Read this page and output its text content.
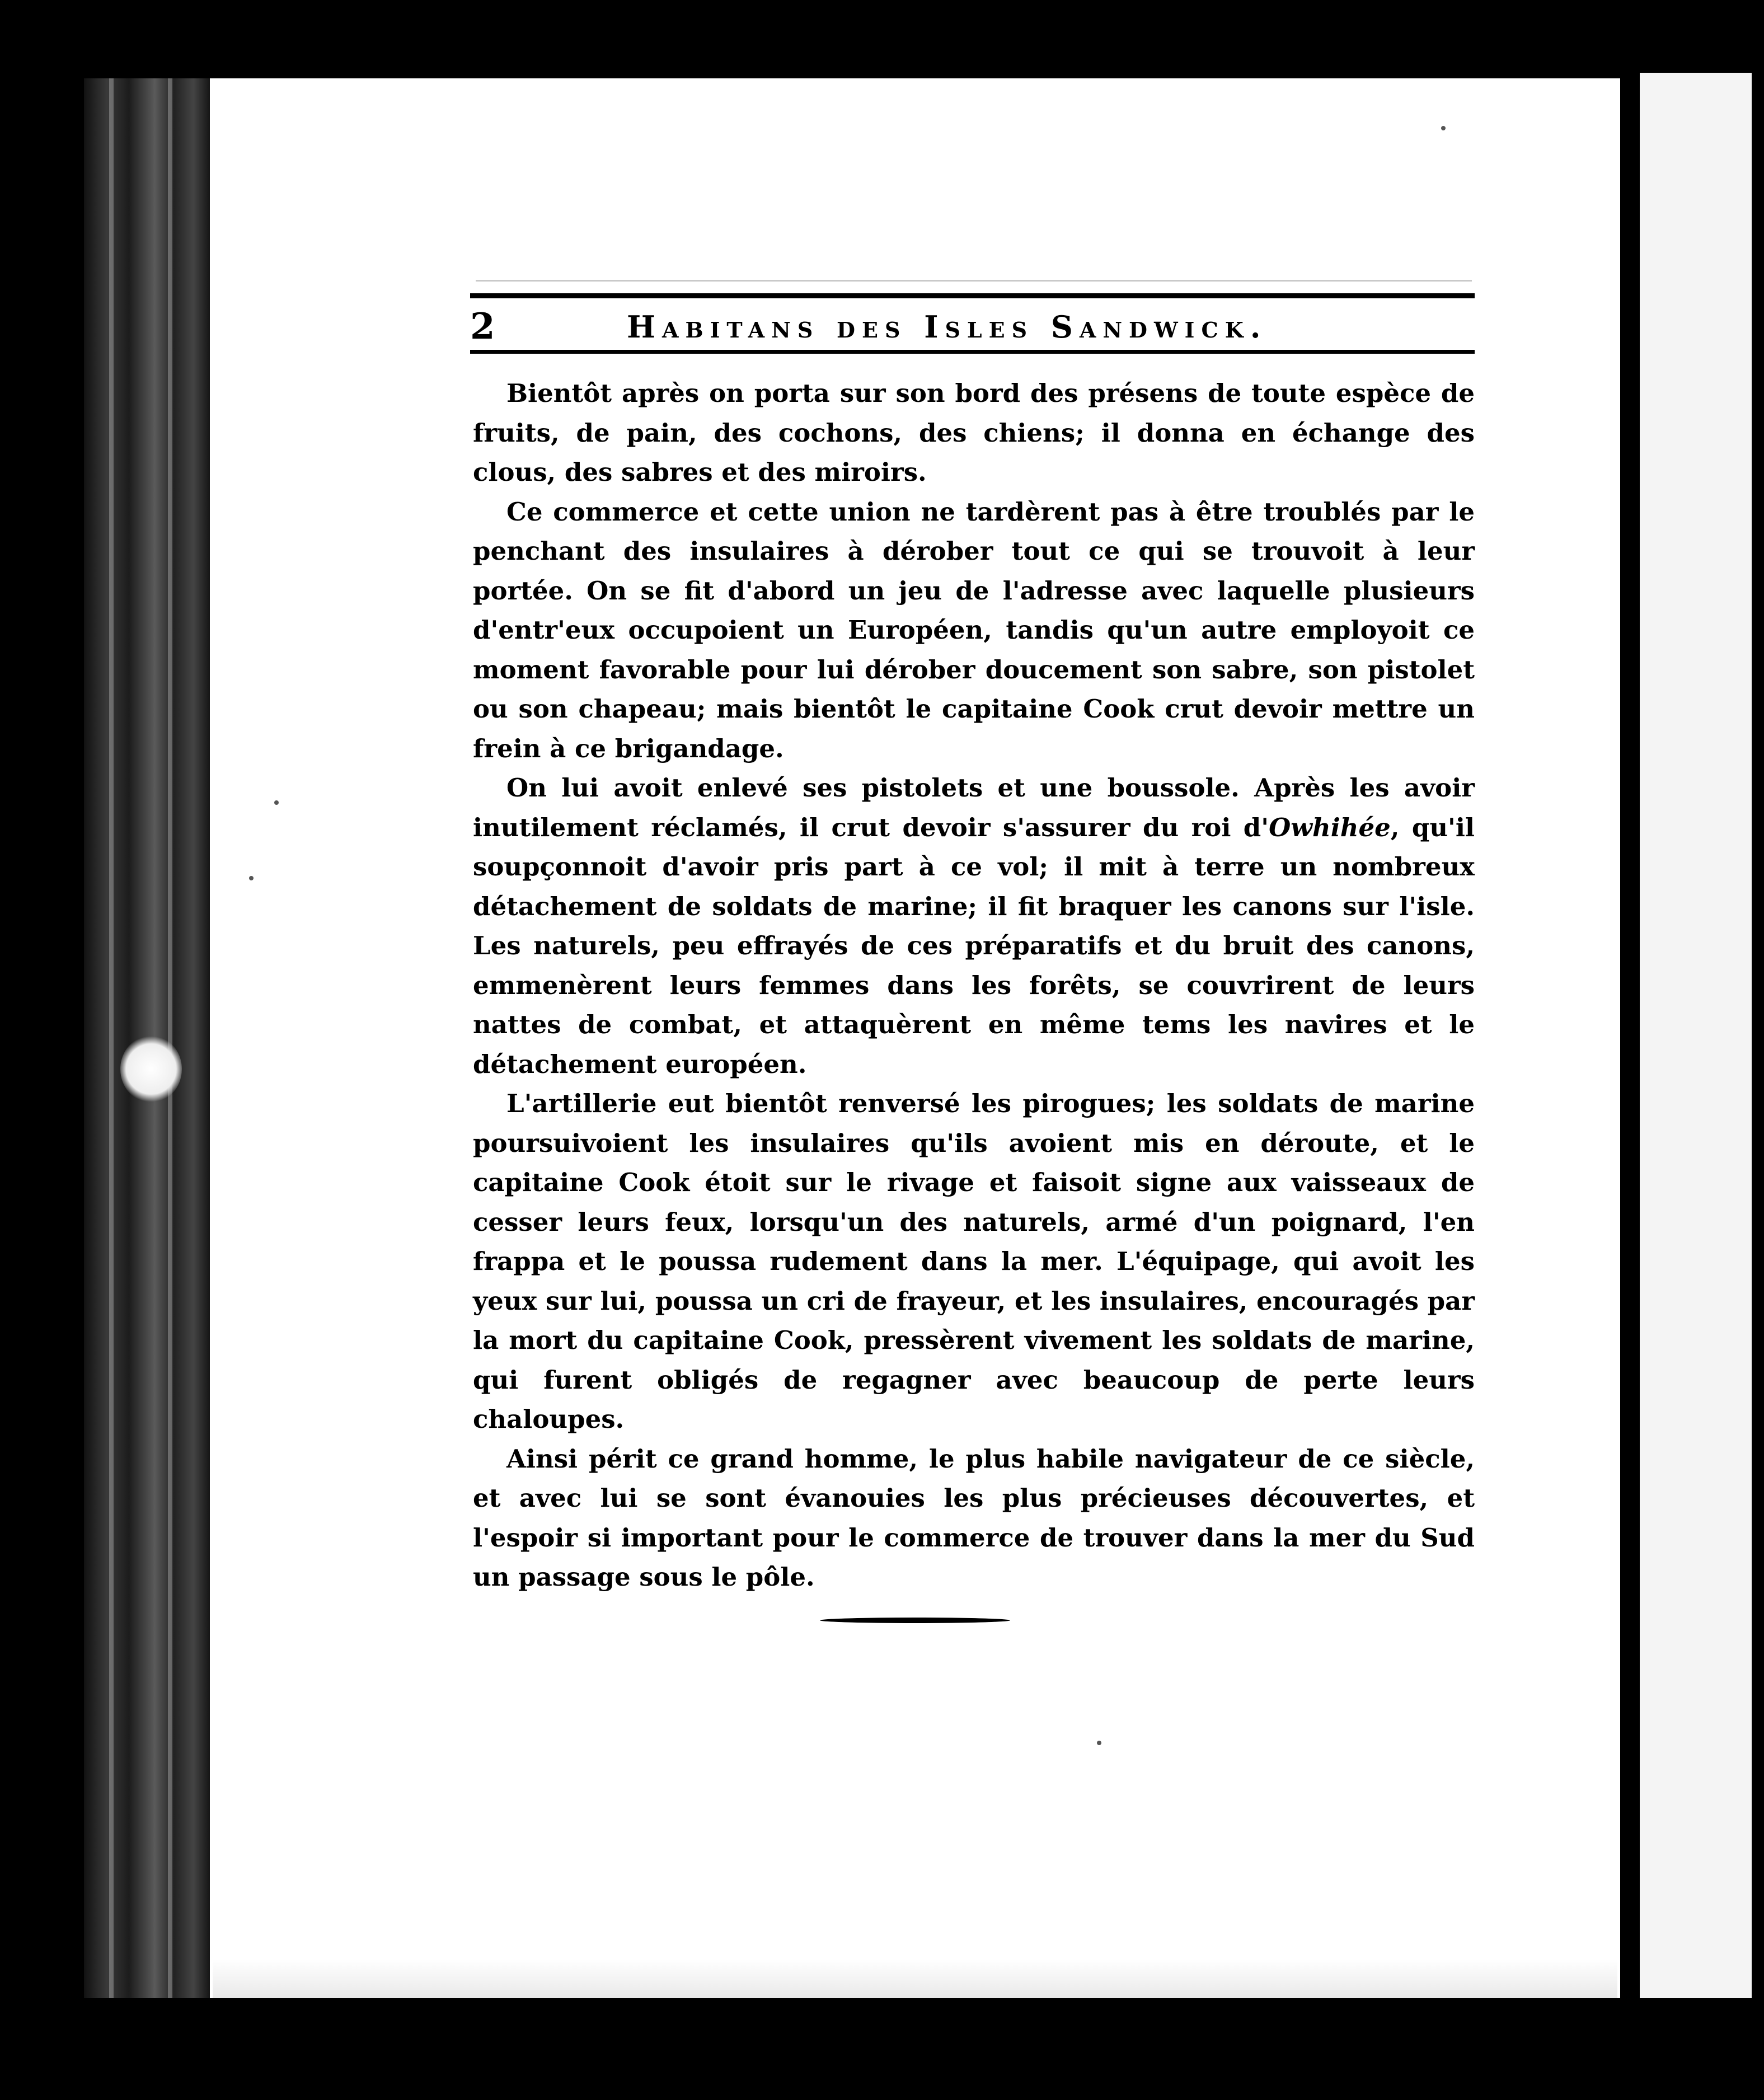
2	Habitans des Isles Sandwick.

Bientôt après on porta sur son bord des présens de toute espèce de fruits, de pain, des cochons, des chiens; il donna en échange des clous, des sabres et des miroirs.

Ce commerce et cette union ne tardèrent pas à être troublés par le penchant des insulaires à dérober tout ce qui se trouvoit à leur portée. On se fit d'abord un jeu de l'adresse avec laquelle plusieurs d'entr'eux occupoient un Européen, tandis qu'un autre employoit ce moment favorable pour lui dérober doucement son sabre, son pistolet ou son chapeau; mais bientôt le capitaine Cook crut devoir mettre un frein à ce brigandage.

On lui avoit enlevé ses pistolets et une boussole. Après les avoir inutilement réclamés, il crut devoir s'assurer du roi d'Owhihée, qu'il soupçonnoit d'avoir pris part à ce vol; il mit à terre un nombreux détachement de soldats de marine; il fit braquer les canons sur l'isle. Les naturels, peu effrayés de ces préparatifs et du bruit des canons, emmenèrent leurs femmes dans les forêts, se couvrirent de leurs nattes de combat, et attaquèrent en même tems les navires et le détachement européen.

L'artillerie eut bientôt renversé les pirogues; les soldats de marine poursuivoient les insulaires qu'ils avoient mis en déroute, et le capitaine Cook étoit sur le rivage et faisoit signe aux vaisseaux de cesser leurs feux, lorsqu'un des naturels, armé d'un poignard, l'en frappa et le poussa rudement dans la mer. L'équipage, qui avoit les yeux sur lui, poussa un cri de frayeur, et les insulaires, encouragés par la mort du capitaine Cook, pressèrent vivement les soldats de marine, qui furent obligés de regagner avec beaucoup de perte leurs chaloupes.

Ainsi périt ce grand homme, le plus habile navigateur de ce siècle, et avec lui se sont évanouies les plus précieuses découvertes, et l'espoir si important pour le commerce de trouver dans la mer du Sud un passage sous le pôle.
